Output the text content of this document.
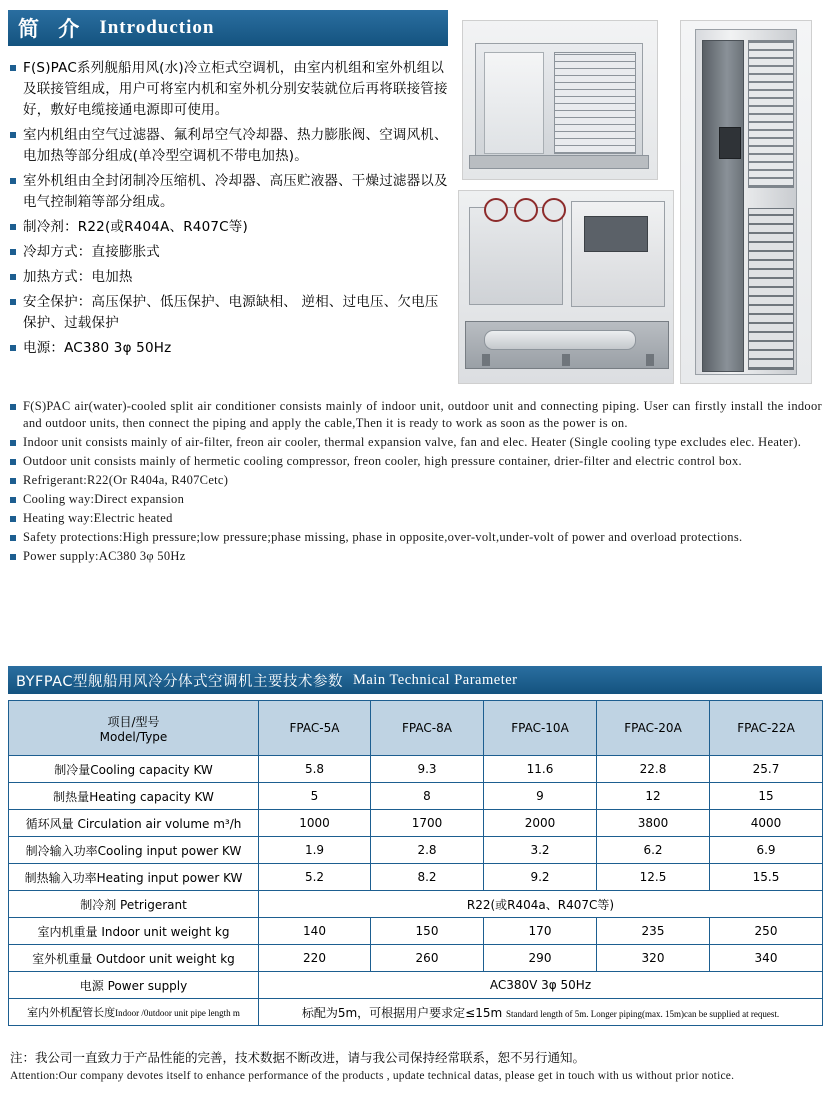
简 介 Introduction
F(S)PAC系列舰船用风(水)冷立柜式空调机，由室内机组和室外机组以及联接管组成，用户可将室内机和室外机分别安装就位后再将联接管接好，敷好电缆接通电源即可使用。
室内机组由空气过滤器、氟利昂空气冷却器、热力膨胀阀、空调风机、电加热等部分组成(单冷型空调机不带电加热)。
室外机组由全封闭制冷压缩机、冷却器、高压贮液器、干燥过滤器以及电气控制箱等部分组成。
制冷剂：R22(或R404A、R407C等)
冷却方式：直接膨胀式
加热方式：电加热
安全保护：高压保护、低压保护、电源缺相、 逆相、过电压、欠电压保护、过载保护
电源：AC380 3φ 50Hz
F(S)PAC air(water)-cooled split air conditioner consists mainly of indoor unit, outdoor unit and connecting piping. User can firstly install the indoor and outdoor units, then connect the piping and apply the cable,Then it is ready to work as soon as the power is on.
Indoor unit consists mainly of air-filter, freon air cooler, thermal expansion valve, fan and elec. Heater (Single cooling type excludes elec. Heater).
Outdoor unit consists mainly of hermetic cooling compressor, freon cooler, high pressure container, drier-filter and electric control box.
Refrigerant:R22(Or R404a, R407Cetc)
Cooling way:Direct expansion
Heating way:Electric heated
Safety protections:High pressure;low pressure;phase missing, phase in opposite,over-volt,under-volt of power and overload protections.
Power supply:AC380 3φ 50Hz
BYFPAC型舰船用风冷分体式空调机主要技术参数 Main Technical Parameter
项目/型号
Model/Type	FPAC-5A	FPAC-8A	FPAC-10A	FPAC-20A	FPAC-22A
制冷量Cooling capacity KW	5.8	9.3	11.6	22.8	25.7
制热量Heating capacity KW	5	8	9	12	15
循环风量 Circulation air volume m³/h	1000	1700	2000	3800	4000
制冷输入功率Cooling input power KW	1.9	2.8	3.2	6.2	6.9
制热输入功率Heating input power KW	5.2	8.2	9.2	12.5	15.5
制冷剂 Petrigerant	R22(或R404a、R407C等)				
室内机重量 Indoor unit weight kg	140	150	170	235	250
室外机重量 Outdoor unit weight kg	220	260	290	320	340
电源 Power supply	AC380V 3φ 50Hz				
室内外机配管长度Indoor /0utdoor unit pipe length m	标配为5m，可根据用户要求定≤15m Standard length of 5m. Longer piping(max. 15m)can be supplied at request.				
注：我公司一直致力于产品性能的完善，技术数据不断改进，请与我公司保持经常联系，恕不另行通知。
Attention:Our company devotes itself to enhance performance of the products , update technical datas, please get in touch with us without prior notice.
